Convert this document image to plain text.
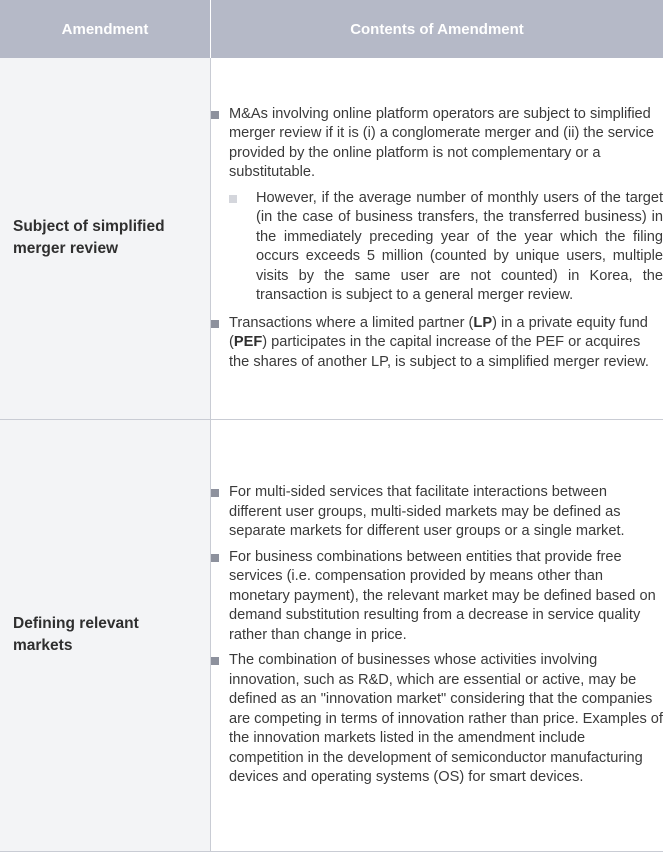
Amendment	Contents of Amendment

Subject of simplified merger review	M&As involving online platform operators are subject to simplified merger review if it is (i) a conglomerate merger and (ii) the service provided by the online platform is not complementary or a substitutable.

However, if the average number of monthly users of the target (in the case of business transfers, the transferred business) in the immediately preceding year of the year which the filing occurs exceeds 5 million (counted by unique users, multiple visits by the same user are not counted) in Korea, the transaction is subject to a general merger review.

Transactions where a limited partner (LP) in a private equity fund (PEF) participates in the capital increase of the PEF or acquires the shares of another LP, is subject to a simplified merger review.

Defining relevant markets	For multi-sided services that facilitate interactions between different user groups, multi-sided markets may be defined as separate markets for different user groups or a single market.

For business combinations between entities that provide free services (i.e. compensation provided by means other than monetary payment), the relevant market may be defined based on demand substitution resulting from a decrease in service quality rather than change in price.

The combination of businesses whose activities involving innovation, such as R&D, which are essential or active, may be defined as an "innovation market" considering that the companies are competing in terms of innovation rather than price. Examples of the innovation markets listed in the amendment include competition in the development of semiconductor manufacturing devices and operating systems (OS) for smart devices.
